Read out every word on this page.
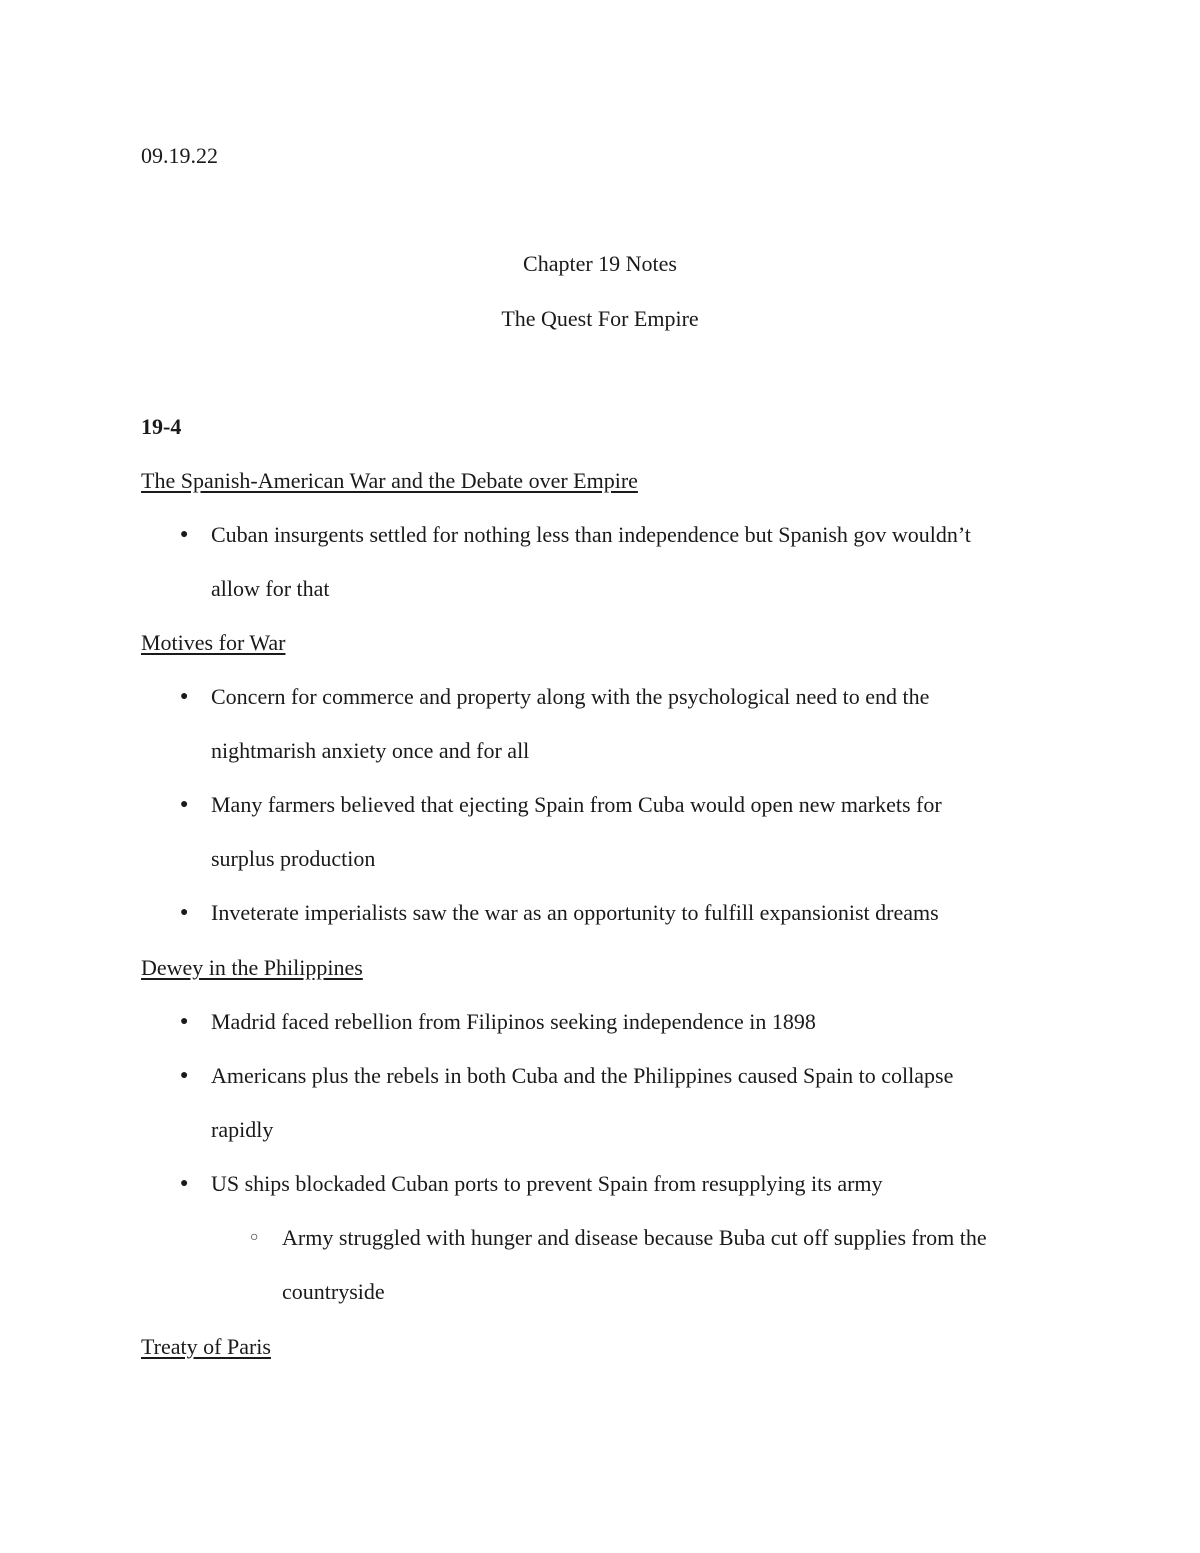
09.19.22
Chapter 19 Notes
The Quest For Empire
19-4
The Spanish-American War and the Debate over Empire
● Cuban insurgents settled for nothing less than independence but Spanish gov wouldn’t
allow for that
Motives for War
● Concern for commerce and property along with the psychological need to end the
nightmarish anxiety once and for all
● Many farmers believed that ejecting Spain from Cuba would open new markets for
surplus production
● Inveterate imperialists saw the war as an opportunity to fulfill expansionist dreams
Dewey in the Philippines
● Madrid faced rebellion from Filipinos seeking independence in 1898
● Americans plus the rebels in both Cuba and the Philippines caused Spain to collapse
rapidly
● US ships blockaded Cuban ports to prevent Spain from resupplying its army
○ Army struggled with hunger and disease because Buba cut off supplies from the
countryside
Treaty of Paris
